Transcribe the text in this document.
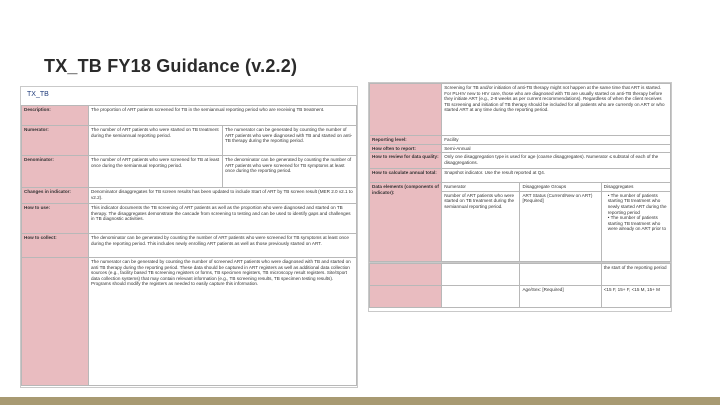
TX_TB FY18 Guidance (v.2.2)
TX_TB
Description:	The proportion of ART patients screened for TB in the semiannual reporting period who are receiving TB treatment.	
Numerator:	The number of ART patients who were started on TB treatment during the semiannual reporting period.	The numerator can be generated by counting the number of ART patients who were diagnosed with TB and started on anti-TB therapy during the reporting period.
Denominator:	The number of ART patients who were screened for TB at least once during the semiannual reporting period.	The denominator can be generated by counting the number of ART patients who were screened for TB symptoms at least once during the reporting period.
Changes in indicator:	Denominator disaggregates for TB screen results has been updated to include Start of ART by TB screen result (MER 2.0 v2.1 to v2.2).	
How to use:	This indicator documents the TB screening of ART patients as well as the proportion who were diagnosed and started on TB therapy. The disaggregates demonstrate the cascade from screening to testing and can be used to identify gaps and challenges in TB diagnostic activities.	
How to collect:	The denominator can be generated by counting the number of ART patients who were screened for TB symptoms at least once during the reporting period. This includes newly enrolling ART patients as well as those previously started on ART.	
	The numerator can be generated by counting the number of screened ART patients who were diagnosed with TB and started on anti TB therapy during the reporting period. These data should be captured in ART registers as well as additional data collection sources (e.g., facility based TB screening registers or forms, TB specimen registers, TB microscopy result registers. Site/Sport data collection systems) that may contain relevant information (e.g., TB screening results, TB specimen testing results). Programs should modify the registers as needed to easily capture this information.	
	Screening for TB and/or initiation of anti-TB therapy might not happen at the same time that ART is started. For PLHIV new to HIV care, those who are diagnosed with TB are usually started on anti-TB therapy before they initiate ART (e.g., 2-8 weeks as per current recommendations). Regardless of when the client receives TB screening and initiation of TB therapy should be included for all patients who are currently on ART or who started ART at any time during the reporting period.		
Reporting level:	Facility		
How often to report:	Semi-Annual		
How to review for data quality:	Only one disaggregation type is used for age (coarse disaggregates). Numerator ≤ subtotal of each of the disaggregations.		
How to calculate annual total:	Snapshot indicator. Use the result reported at Q4.		
Data elements (components of indicator):	Numerator	Disaggregate Groups	Disaggregates
	Number of ART patients who were started on TB treatment during the semiannual reporting period.	ART Status (Current/New on ART) [Required]	• The number of patients starting TB treatment who newly started ART during the reporting period
• The number of patients starting TB treatment who were already on ART prior to
			the start of the reporting period
		Age/Sex: [Required]	<15 F, 15+ F, <15 M, 15+ M
